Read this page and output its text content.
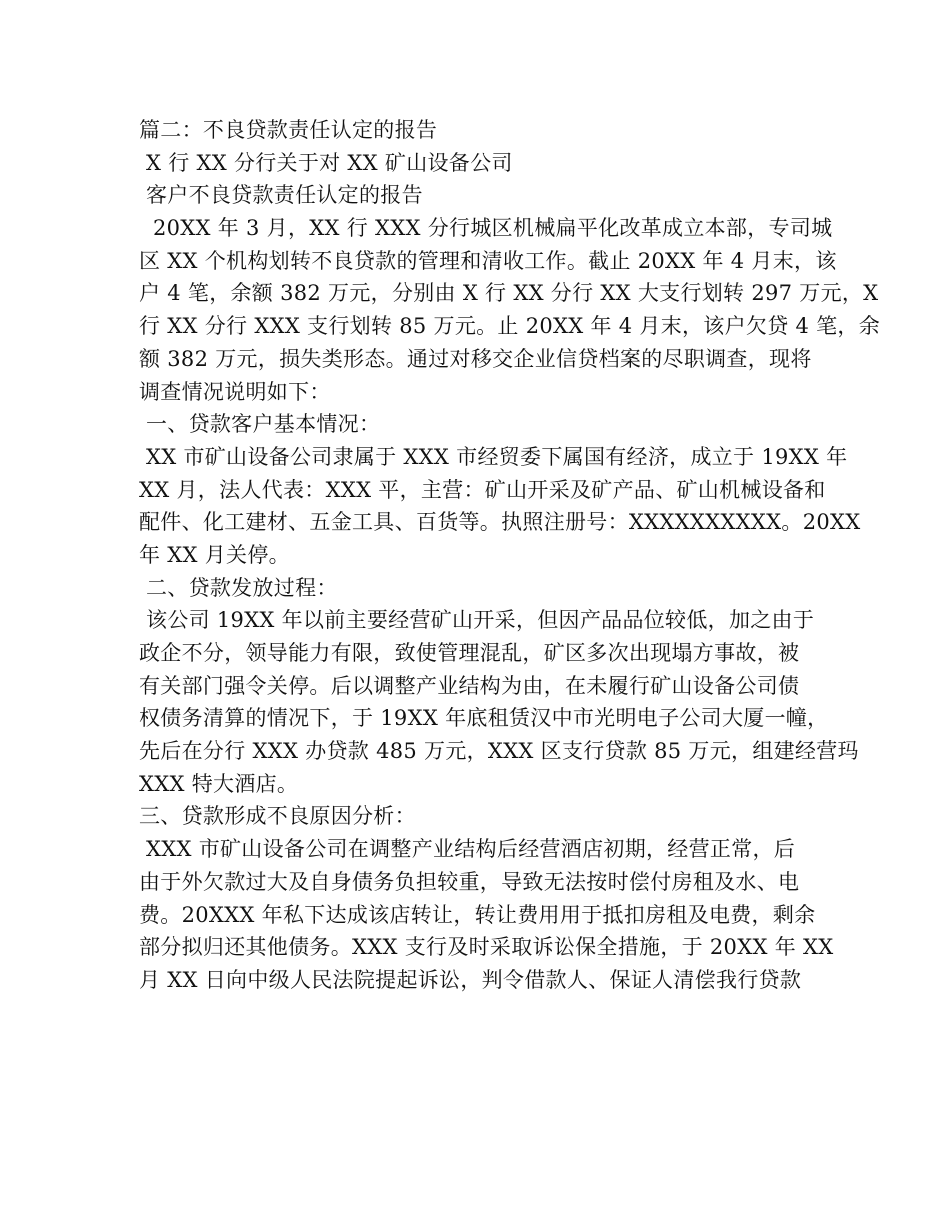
篇二：不良贷款责任认定的报告
X 行 XX 分行关于对 XX 矿山设备公司
客户不良贷款责任认定的报告
20XX 年 3 月，XX 行 XXX 分行城区机械扁平化改革成立本部，专司城
区 XX 个机构划转不良贷款的管理和清收工作。截止 20XX 年 4 月末，该
户 4 笔，余额 382 万元，分别由 X 行 XX 分行 XX 大支行划转 297 万元，X
行 XX 分行 XXX 支行划转 85 万元。止 20XX 年 4 月末，该户欠贷 4 笔，余
额 382 万元，损失类形态。通过对移交企业信贷档案的尽职调查，现将
调查情况说明如下：
一、贷款客户基本情况：
XX 市矿山设备公司隶属于 XXX 市经贸委下属国有经济，成立于 19XX 年
XX 月，法人代表：XXX 平，主营：矿山开采及矿产品、矿山机械设备和
配件、化工建材、五金工具、百货等。执照注册号：XXXXXXXXXX。20XX
年 XX 月关停。
二、贷款发放过程：
该公司 19XX 年以前主要经营矿山开采，但因产品品位较低，加之由于
政企不分，领导能力有限，致使管理混乱，矿区多次出现塌方事故，被
有关部门强令关停。后以调整产业结构为由，在未履行矿山设备公司债
权债务清算的情况下，于 19XX 年底租赁汉中市光明电子公司大厦一幢，
先后在分行 XXX 办贷款 485 万元，XXX 区支行贷款 85 万元，组建经营玛
XXX 特大酒店。
三、贷款形成不良原因分析：
XXX 市矿山设备公司在调整产业结构后经营酒店初期，经营正常，后
由于外欠款过大及自身债务负担较重，导致无法按时偿付房租及水、电
费。20XXX 年私下达成该店转让，转让费用用于抵扣房租及电费，剩余
部分拟归还其他债务。XXX 支行及时采取诉讼保全措施，于 20XX 年 XX
月 XX 日向中级人民法院提起诉讼，判令借款人、保证人清偿我行贷款
